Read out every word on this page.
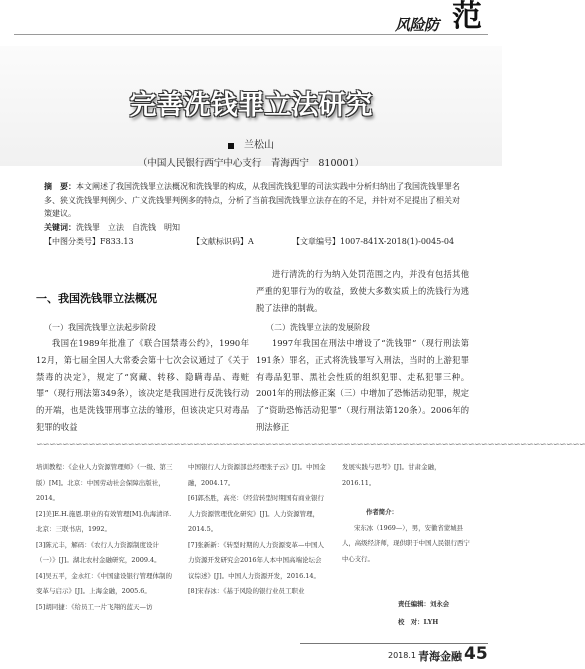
风险防 范
完善洗钱罪立法研究
兰松山
（中国人民银行西宁中心支行　青海西宁　810001）
摘　要：本文阐述了我国洗钱罪立法概况和洗钱罪的构成，从我国洗钱犯罪的司法实践中分析归纳出了我国洗钱罪罪名多、狭义洗钱罪判例少、广义洗钱罪判例多的特点，分析了当前我国洗钱罪立法存在的不足，并针对不足提出了相关对策建议。
关键词：洗钱罪　立法　自洗钱　明知
【中图分类号】F833.13	【文献标识码】A	【文章编号】1007-841X-2018(1)-0045-04
一、我国洗钱罪立法概况
（一）我国洗钱罪立法起步阶段
我国在1989年批准了《联合国禁毒公约》，1990年12月，第七届全国人大常委会第十七次会议通过了《关于禁毒的决定》，规定了“窝藏、转移、隐瞒毒品、毒赃罪”（现行刑法第349条），该决定是我国进行反洗钱行动的开端，也是洗钱罪刑事立法的雏形，但该决定只对毒品犯罪的收益
进行清洗的行为纳入处罚范围之内，并没有包括其他严重的犯罪行为的收益，致使大多数实质上的洗钱行为逃脱了法律的制裁。
（二）洗钱罪立法的发展阶段
1997年我国在刑法中增设了“洗钱罪”（现行刑法第191条）罪名，正式将洗钱罪写入刑法，当时的上游犯罪有毒品犯罪、黑社会性质的组织犯罪、走私犯罪三种。2001年的刑法修正案（三）中增加了恐怖活动犯罪，规定了“资助恐怖活动犯罪”（现行刑法第120条）。2006年的刑法修正
∽∽∽∽∽∽∽∽∽∽∽∽∽∽∽∽∽∽∽∽∽∽∽∽∽∽∽∽∽∽∽∽∽∽∽∽∽∽∽∽∽∽∽∽∽∽∽∽∽∽∽∽∽∽∽∽∽∽∽∽∽∽∽∽∽∽∽∽∽∽∽∽∽∽∽∽∽∽∽∽∽∽∽∽
培训教程：《企业人力资源管理师》（一级、第三版）[M]。北京：中国劳动社会保障出版社，2014。
[2]美]E.H.施恩.职业的有效管理[M].仇海清译.北京：三联书店，1992。
[3]陈元丰，解码：《农行人力资源制度设计（一）》[J]。湖北农村金融研究，2009.4。
[4]吴五平，金永红：《中国建设银行管理体制的变革与启示》[J]。上海金融，2005.6。
[5]胡同捷：《给员工一片飞翔的蓝天—访
中国银行人力资源部总经理张子云》[J]。中国金融，2004.17。
[6]郭杰胜，高亮：《经营转型时期国有商业银行人力资源管理优化研究》[J]。人力资源管理，2014.5。
[7]张新新：《转型时期的人力资源变革—中国人力资源开发研究会2016年人本中国高端论坛会议综述》[J]。中国人力资源开发，2016.14。
[8]宋春冰：《基于风险的银行业员工职业
发展实践与思考》[J]。甘肃金融，2016.11。
作者简介：
宋东冰（1969—），男，安徽省蒙城县人，高级经济师，现供职于中国人民银行西宁中心支行。
责任编辑：刘永会
校　对：LYH
2018.1 青海金融 45
